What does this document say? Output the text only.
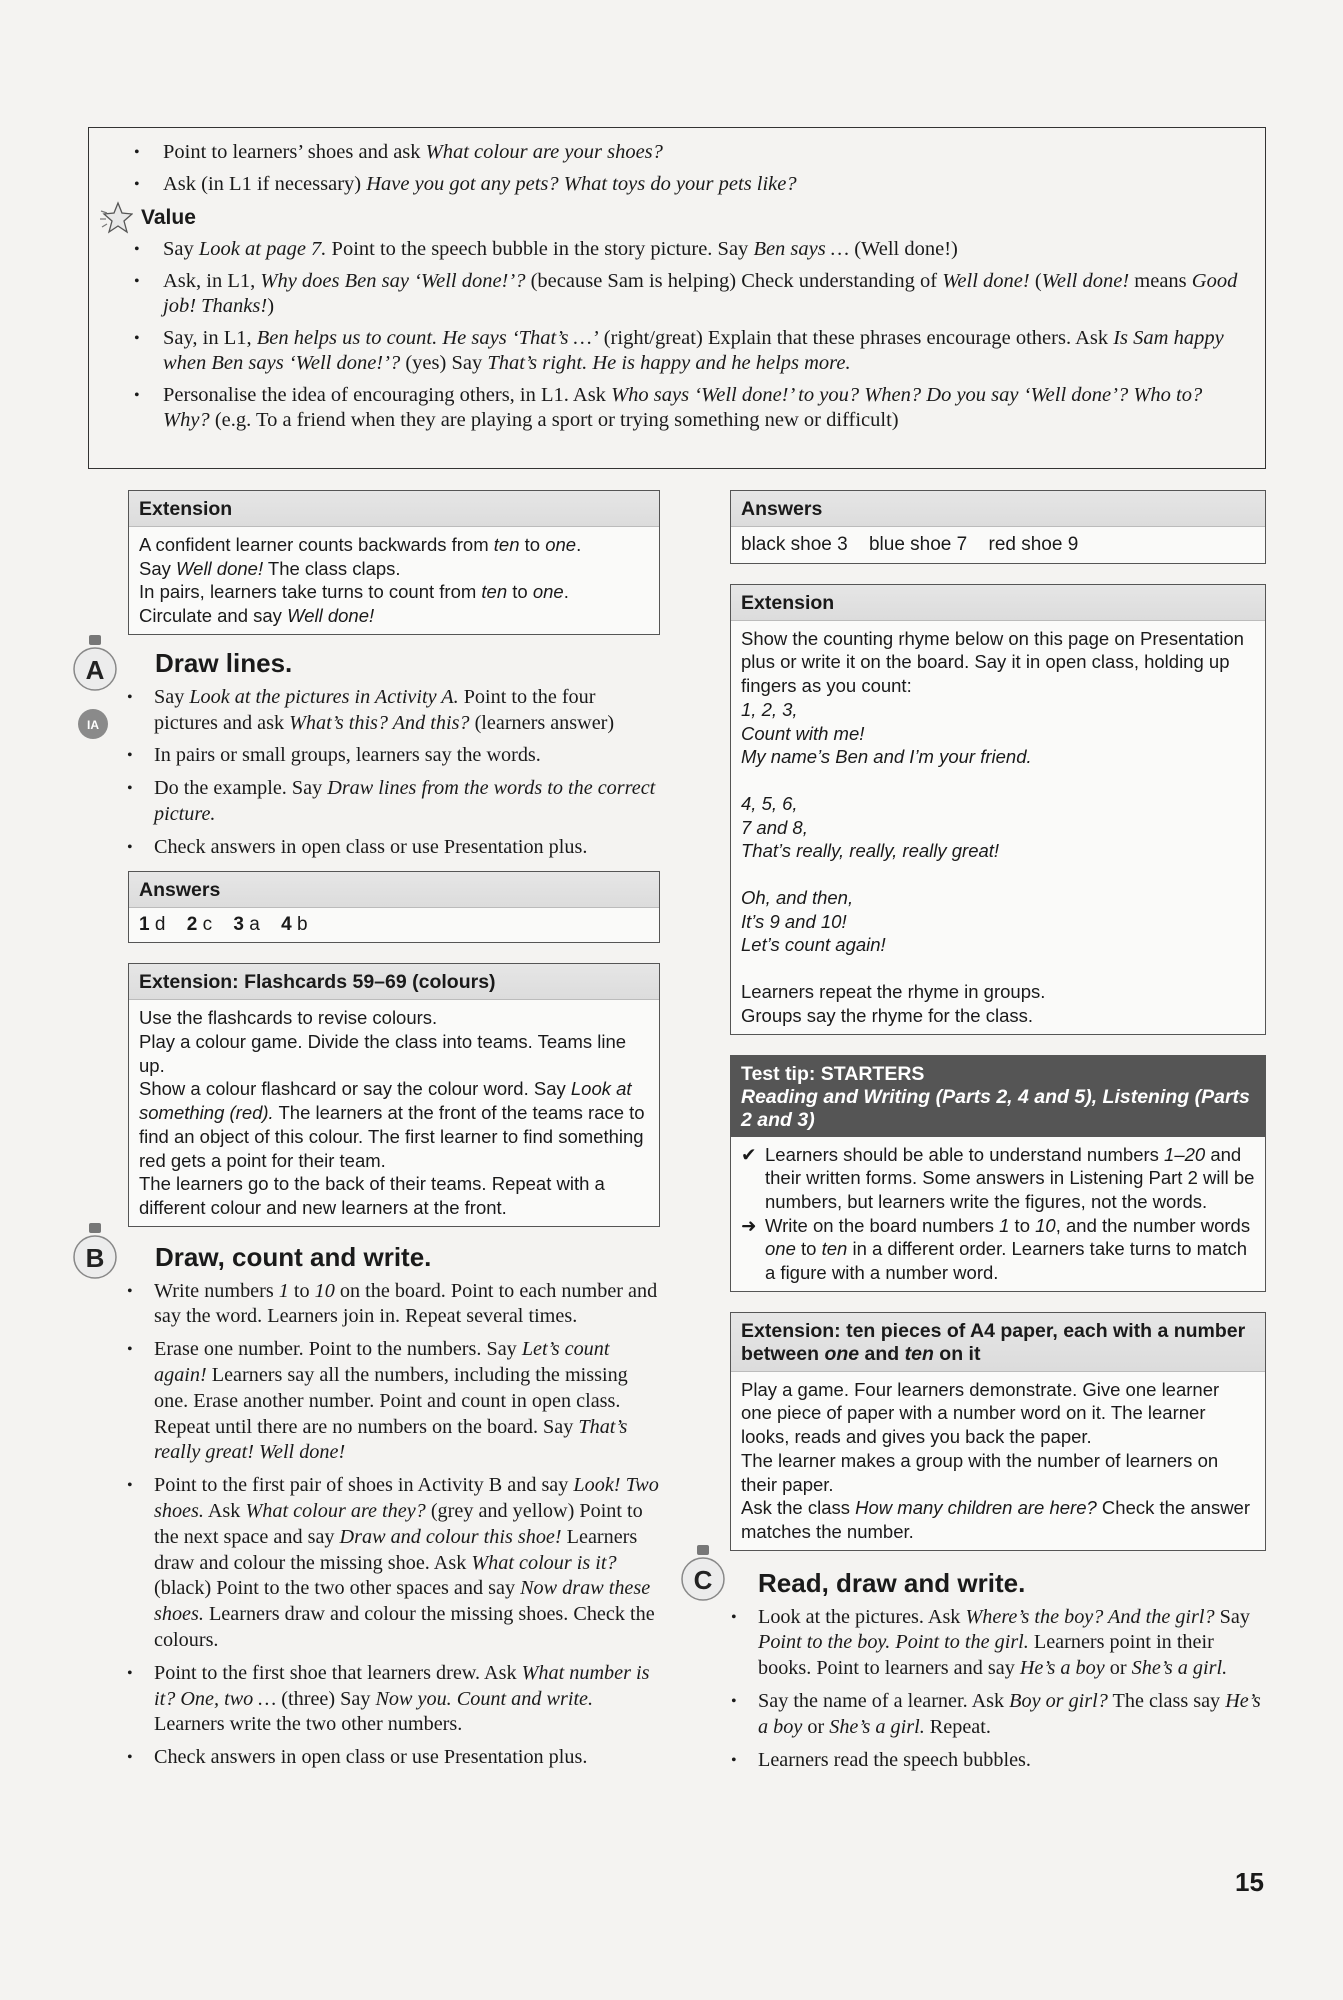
• Point to learners’ shoes and ask What colour are your shoes?
• Ask (in L1 if necessary) Have you got any pets? What toys do your pets like?
Value
• Say Look at page 7. Point to the speech bubble in the story picture. Say Ben says … (Well done!)
• Ask, in L1, Why does Ben say ‘Well done!’? (because Sam is helping) Check understanding of Well done! (Well done! means Good job! Thanks!)
• Say, in L1, Ben helps us to count. He says ‘That’s …’ (right/great) Explain that these phrases encourage others. Ask Is Sam happy when Ben says ‘Well done!’? (yes) Say That’s right. He is happy and he helps more.
• Personalise the idea of encouraging others, in L1. Ask Who says ‘Well done!’ to you? When? Do you say ‘Well done’? Who to? Why? (e.g. To a friend when they are playing a sport or trying something new or difficult)
Extension

A confident learner counts backwards from ten to one.

Say Well done! The class claps.

In pairs, learners take turns to count from ten to one.

Circulate and say Well done!

A
IA
Draw lines.
• Say Look at the pictures in Activity A. Point to the four pictures and ask What’s this? And this? (learners answer)
• In pairs or small groups, learners say the words.
• Do the example. Say Draw lines from the words to the correct picture.
• Check answers in open class or use Presentation plus.
Answers
1 d 2 c 3 a 4 b
Extension: Flashcards 59–69 (colours)

Use the flashcards to revise colours.

Play a colour game. Divide the class into teams. Teams line up.

Show a colour flashcard or say the colour word. Say Look at something (red). The learners at the front of the teams race to find an object of this colour. The first learner to find something red gets a point for their team.

The learners go to the back of their teams. Repeat with a different colour and new learners at the front.

B Draw, count and write.
• Write numbers 1 to 10 on the board. Point to each number and say the word. Learners join in. Repeat several times.
• Erase one number. Point to the numbers. Say Let’s count again! Learners say all the numbers, including the missing one. Erase another number. Point and count in open class. Repeat until there are no numbers on the board. Say That’s really great! Well done!
• Point to the first pair of shoes in Activity B and say Look! Two shoes. Ask What colour are they? (grey and yellow) Point to the next space and say Draw and colour this shoe! Learners draw and colour the missing shoe. Ask What colour is it? (black) Point to the two other spaces and say Now draw these shoes. Learners draw and colour the missing shoes. Check the colours.
• Point to the first shoe that learners drew. Ask What number is it? One, two … (three) Say Now you. Count and write. Learners write the two other numbers.
• Check answers in open class or use Presentation plus.
Answers
black shoe 3 blue shoe 7 red shoe 9
Extension

Show the counting rhyme below on this page on Presentation plus or write it on the board. Say it in open class, holding up fingers as you count:

1, 2, 3,

Count with me!

My name’s Ben and I’m your friend.

4, 5, 6,

7 and 8,

That’s really, really, really great!

Oh, and then,

It’s 9 and 10!

Let’s count again!

Learners repeat the rhyme in groups.

Groups say the rhyme for the class.

Test tip: STARTERS
Reading and Writing (Parts 2, 4 and 5), Listening (Parts 2 and 3)

✔ Learners should be able to understand numbers 1–20 and their written forms. Some answers in Listening Part 2 will be numbers, but learners write the figures, not the words.

➜ Write on the board numbers 1 to 10, and the number words one to ten in a different order. Learners take turns to match a figure with a number word.

Extension: ten pieces of A4 paper, each with a number between one and ten on it

Play a game. Four learners demonstrate. Give one learner one piece of paper with a number word on it. The learner looks, reads and gives you back the paper.

The learner makes a group with the number of learners on their paper.

Ask the class How many children are here? Check the answer matches the number.

C Read, draw and write.
• Look at the pictures. Ask Where’s the boy? And the girl? Say Point to the boy. Point to the girl. Learners point in their books. Point to learners and say He’s a boy or She’s a girl.
• Say the name of a learner. Ask Boy or girl? The class say He’s a boy or She’s a girl. Repeat.
• Learners read the speech bubbles.
15
